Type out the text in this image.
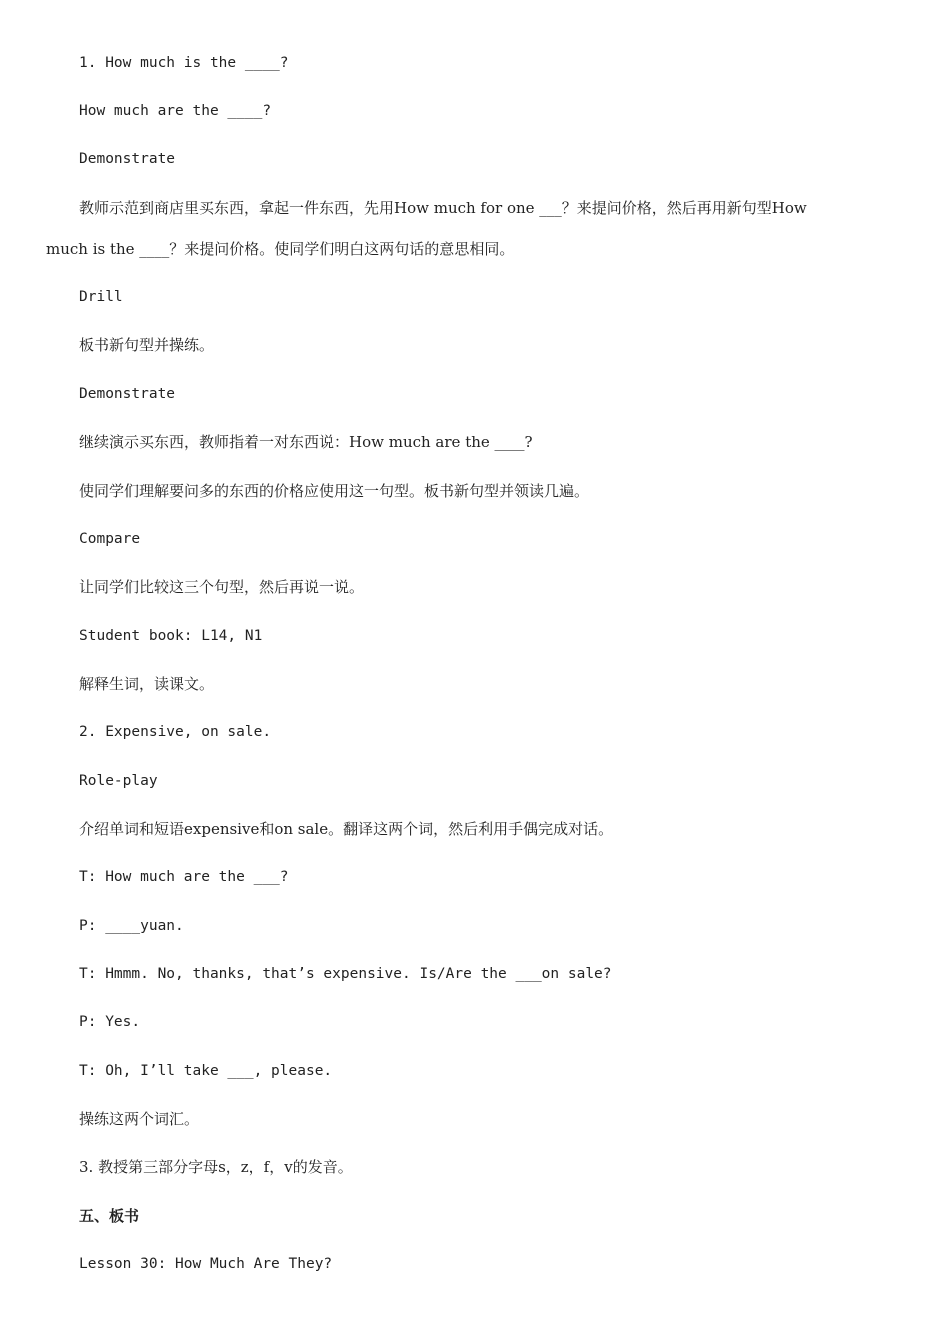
1. How much is the ____?
How much are the ____?
Demonstrate
教师示范到商店里买东西，拿起一件东西，先用How much for one ___？来提问价格，然后再用新句型How
much is the ____？来提问价格。使同学们明白这两句话的意思相同。
Drill
板书新句型并操练。
Demonstrate
继续演示买东西，教师指着一对东西说：How much are the ____?
使同学们理解要问多的东西的价格应使用这一句型。板书新句型并领读几遍。
Compare
让同学们比较这三个句型，然后再说一说。
Student book: L14, N1
解释生词，读课文。
2. Expensive, on sale.
Role-play
介绍单词和短语expensive和on sale。翻译这两个词，然后利用手偶完成对话。
T: How much are the ___?
P: ____yuan.
T: Hmmm. No, thanks, that’s expensive. Is/Are the ___on sale?
P: Yes.
T: Oh, I’ll take ___, please.
操练这两个词汇。
3. 教授第三部分字母s，z，f，v的发音。
五、板书
Lesson 30: How Much Are They?
